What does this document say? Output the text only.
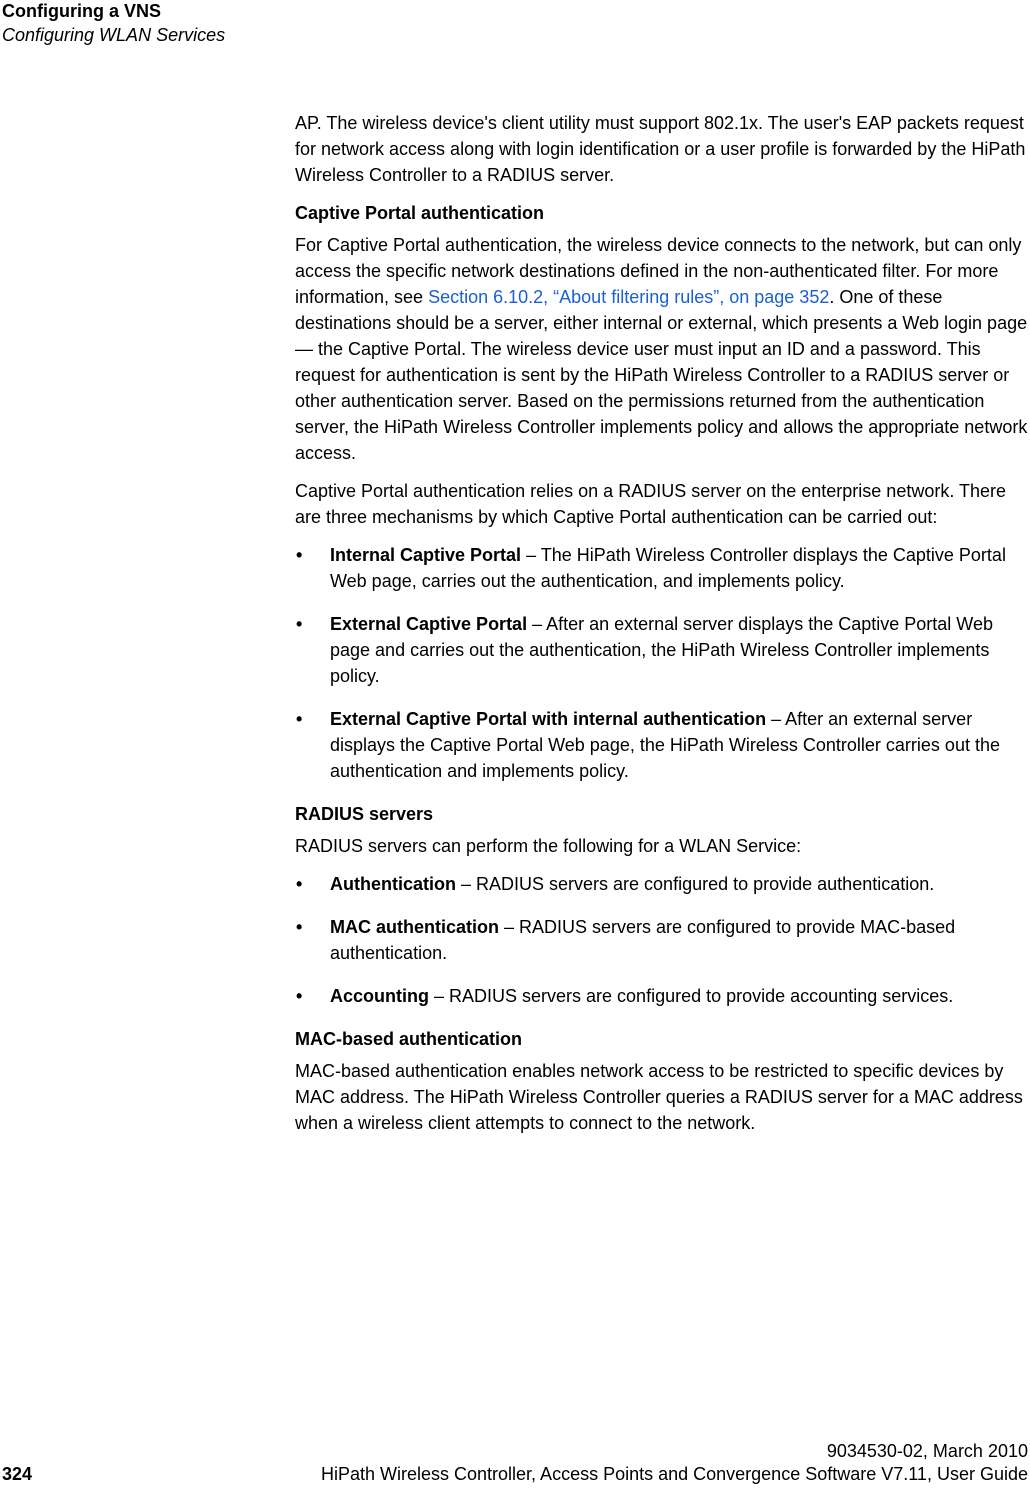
Configuring a VNS
Configuring WLAN Services

AP. The wireless device's client utility must support 802.1x. The user's EAP packets request for network access along with login identification or a user profile is forwarded by the HiPath Wireless Controller to a RADIUS server.

Captive Portal authentication

For Captive Portal authentication, the wireless device connects to the network, but can only access the specific network destinations defined in the non-authenticated filter. For more information, see Section 6.10.2, “About filtering rules”, on page 352. One of these destinations should be a server, either internal or external, which presents a Web login page — the Captive Portal. The wireless device user must input an ID and a password. This request for authentication is sent by the HiPath Wireless Controller to a RADIUS server or other authentication server. Based on the permissions returned from the authentication server, the HiPath Wireless Controller implements policy and allows the appropriate network access.

Captive Portal authentication relies on a RADIUS server on the enterprise network. There are three mechanisms by which Captive Portal authentication can be carried out:

• Internal Captive Portal – The HiPath Wireless Controller displays the Captive Portal Web page, carries out the authentication, and implements policy.
• External Captive Portal – After an external server displays the Captive Portal Web page and carries out the authentication, the HiPath Wireless Controller implements policy.
• External Captive Portal with internal authentication – After an external server displays the Captive Portal Web page, the HiPath Wireless Controller carries out the authentication and implements policy.
RADIUS servers

RADIUS servers can perform the following for a WLAN Service:

• Authentication – RADIUS servers are configured to provide authentication.
• MAC authentication – RADIUS servers are configured to provide MAC-based authentication.
• Accounting – RADIUS servers are configured to provide accounting services.
MAC-based authentication

MAC-based authentication enables network access to be restricted to specific devices by MAC address. The HiPath Wireless Controller queries a RADIUS server for a MAC address when a wireless client attempts to connect to the network.

9034530-02, March 2010
324	HiPath Wireless Controller, Access Points and Convergence Software V7.11, User Guide
